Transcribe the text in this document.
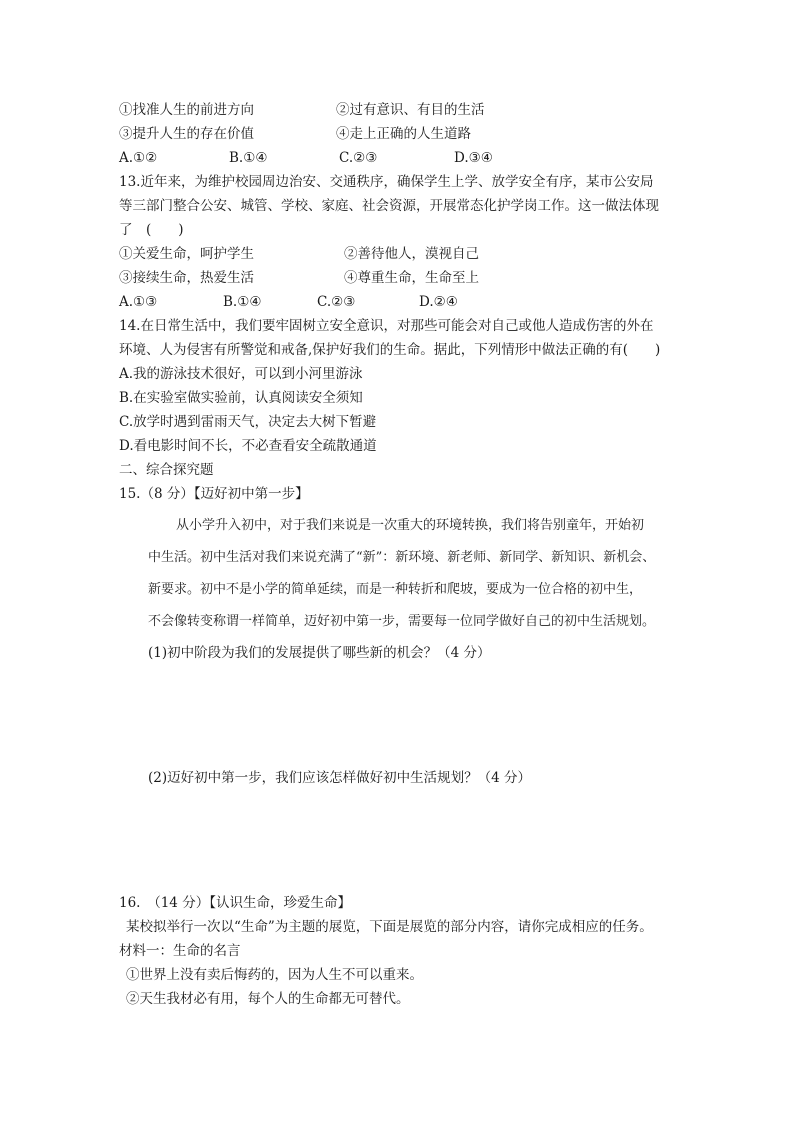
①找准人生的前进方向	②过有意识、有目的生活
③提升人生的存在价值	④走上正确的人生道路
A.①②	B.①④	C.②③	D.③④
13.近年来，为维护校园周边治安、交通秩序，确保学生上学、放学安全有序，某市公安局
等三部门整合公安、城管、学校、家庭、社会资源，开展常态化护学岗工作。这一做法体现
了　(　　)
①关爱生命，呵护学生	②善待他人，漠视自己
③接续生命，热爱生活	④尊重生命，生命至上
A.①③	B.①④	C.②③	D.②④
14.在日常生活中，我们要牢固树立安全意识，对那些可能会对自己或他人造成伤害的外在
环境、人为侵害有所警觉和戒备,保护好我们的生命。据此，下列情形中做法正确的有(　　)
A.我的游泳技术很好，可以到小河里游泳
B.在实验室做实验前，认真阅读安全须知
C.放学时遇到雷雨天气，决定去大树下暂避
D.看电影时间不长，不必查看安全疏散通道
二、综合探究题
15.（8 分）【迈好初中第一步】
从小学升入初中，对于我们来说是一次重大的环境转换，我们将告别童年，开始初
中生活。初中生活对我们来说充满了“新”：新环境、新老师、新同学、新知识、新机会、
新要求。初中不是小学的简单延续，而是一种转折和爬坡，要成为一位合格的初中生，
不会像转变称谓一样简单，迈好初中第一步，需要每一位同学做好自己的初中生活规划。
(1)初中阶段为我们的发展提供了哪些新的机会？（4 分）
(2)迈好初中第一步，我们应该怎样做好初中生活规划？（4 分）
16.　（14 分）【认识生命，珍爱生命】
某校拟举行一次以“生命”为主题的展览，下面是展览的部分内容，请你完成相应的任务。
材料一：生命的名言
①世界上没有卖后悔药的，因为人生不可以重来。
②天生我材必有用，每个人的生命都无可替代。
